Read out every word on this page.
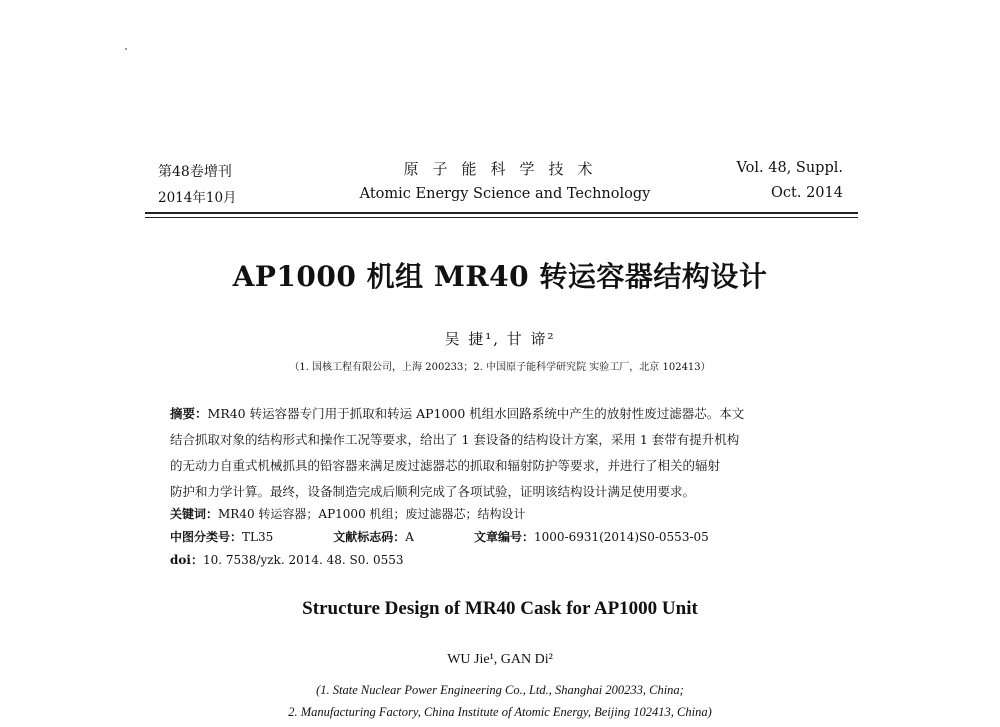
第48卷增刊
2014年10月
原子能科学技术
Atomic Energy Science and Technology
Vol. 48, Suppl.
Oct. 2014
AP1000 机组 MR40 转运容器结构设计
吴 捷¹, 甘 谛²
（1. 国核工程有限公司，上海 200233；2. 中国原子能科学研究院 实验工厂，北京 102413）
摘要：MR40 转运容器专门用于抓取和转运 AP1000 机组水回路系统中产生的放射性废过滤器芯。本文
结合抓取对象的结构形式和操作工况等要求，给出了 1 套设备的结构设计方案，采用 1 套带有提升机构
的无动力自重式机械抓具的铅容器来满足废过滤器芯的抓取和辐射防护等要求，并进行了相关的辐射
防护和力学计算。最终，设备制造完成后顺利完成了各项试验，证明该结构设计满足使用要求。
关键词：MR40 转运容器；AP1000 机组；废过滤器芯；结构设计
中图分类号：TL35	文献标志码：A	文章编号：1000-6931(2014)S0-0553-05
doi：10. 7538/yzk. 2014. 48. S0. 0553
Structure Design of MR40 Cask for AP1000 Unit
WU Jie¹, GAN Di²
(1. State Nuclear Power Engineering Co., Ltd., Shanghai 200233, China;
2. Manufacturing Factory, China Institute of Atomic Energy, Beijing 102413, China)
